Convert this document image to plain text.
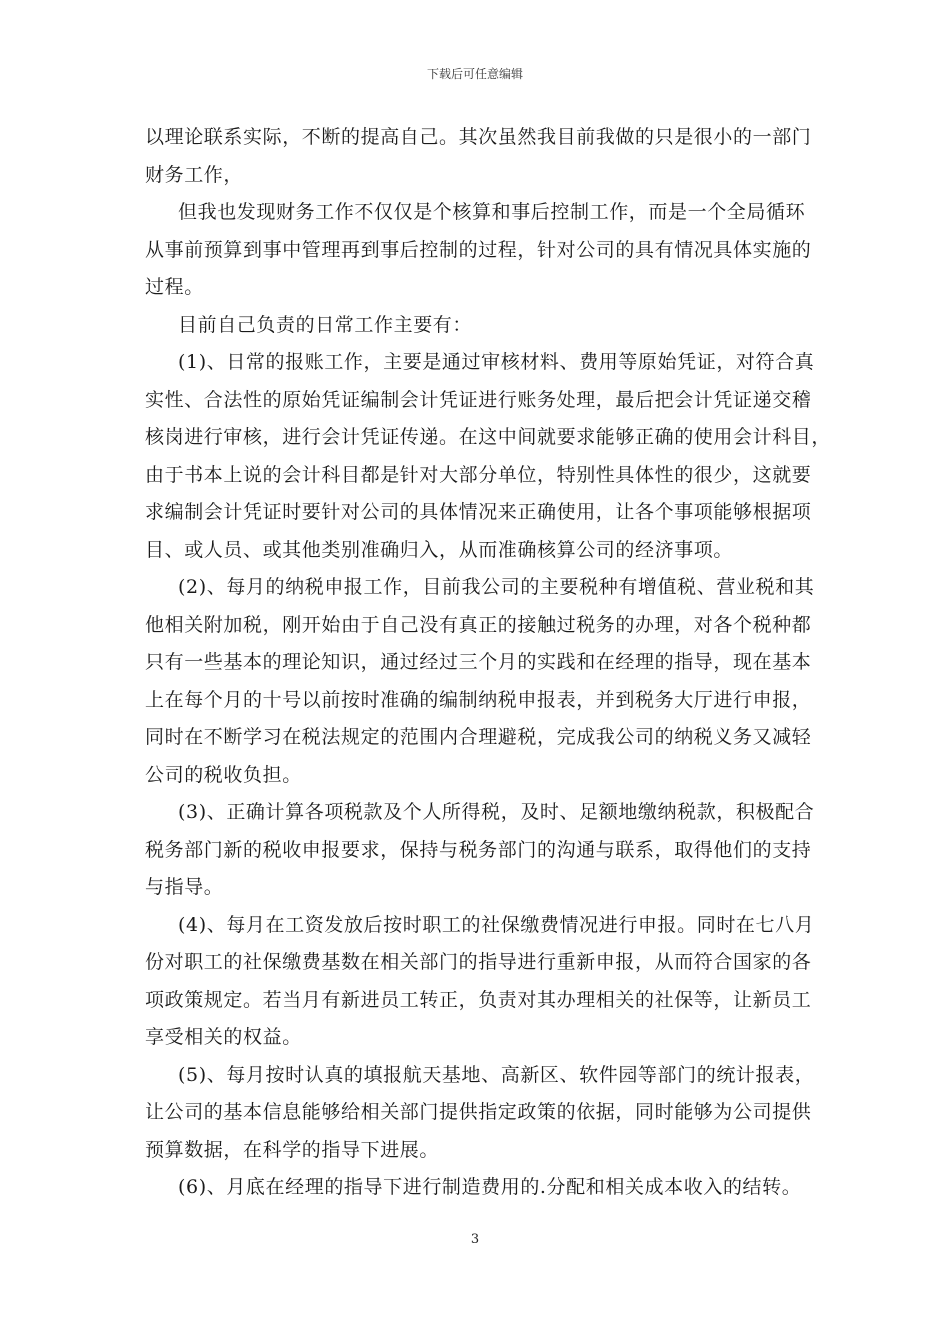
下载后可任意编辑
以理论联系实际，不断的提高自己。其次虽然我目前我做的只是很小的一部门
财务工作，
但我也发现财务工作不仅仅是个核算和事后控制工作，而是一个全局循环
从事前预算到事中管理再到事后控制的过程，针对公司的具有情况具体实施的
过程。
目前自己负责的日常工作主要有：
(1)、日常的报账工作，主要是通过审核材料、费用等原始凭证，对符合真
实性、合法性的原始凭证编制会计凭证进行账务处理，最后把会计凭证递交稽
核岗进行审核，进行会计凭证传递。在这中间就要求能够正确的使用会计科目，
由于书本上说的会计科目都是针对大部分单位，特别性具体性的很少，这就要
求编制会计凭证时要针对公司的具体情况来正确使用，让各个事项能够根据项
目、或人员、或其他类别准确归入，从而准确核算公司的经济事项。
(2)、每月的纳税申报工作，目前我公司的主要税种有增值税、营业税和其
他相关附加税，刚开始由于自己没有真正的接触过税务的办理，对各个税种都
只有一些基本的理论知识，通过经过三个月的实践和在经理的指导，现在基本
上在每个月的十号以前按时准确的编制纳税申报表，并到税务大厅进行申报，
同时在不断学习在税法规定的范围内合理避税，完成我公司的纳税义务又减轻
公司的税收负担。
(3)、正确计算各项税款及个人所得税，及时、足额地缴纳税款，积极配合
税务部门新的税收申报要求，保持与税务部门的沟通与联系，取得他们的支持
与指导。
(4)、每月在工资发放后按时职工的社保缴费情况进行申报。同时在七八月
份对职工的社保缴费基数在相关部门的指导进行重新申报，从而符合国家的各
项政策规定。若当月有新进员工转正，负责对其办理相关的社保等，让新员工
享受相关的权益。
(5)、每月按时认真的填报航天基地、高新区、软件园等部门的统计报表，
让公司的基本信息能够给相关部门提供指定政策的依据，同时能够为公司提供
预算数据，在科学的指导下进展。
(6)、月底在经理的指导下进行制造费用的.分配和相关成本收入的结转。
3
